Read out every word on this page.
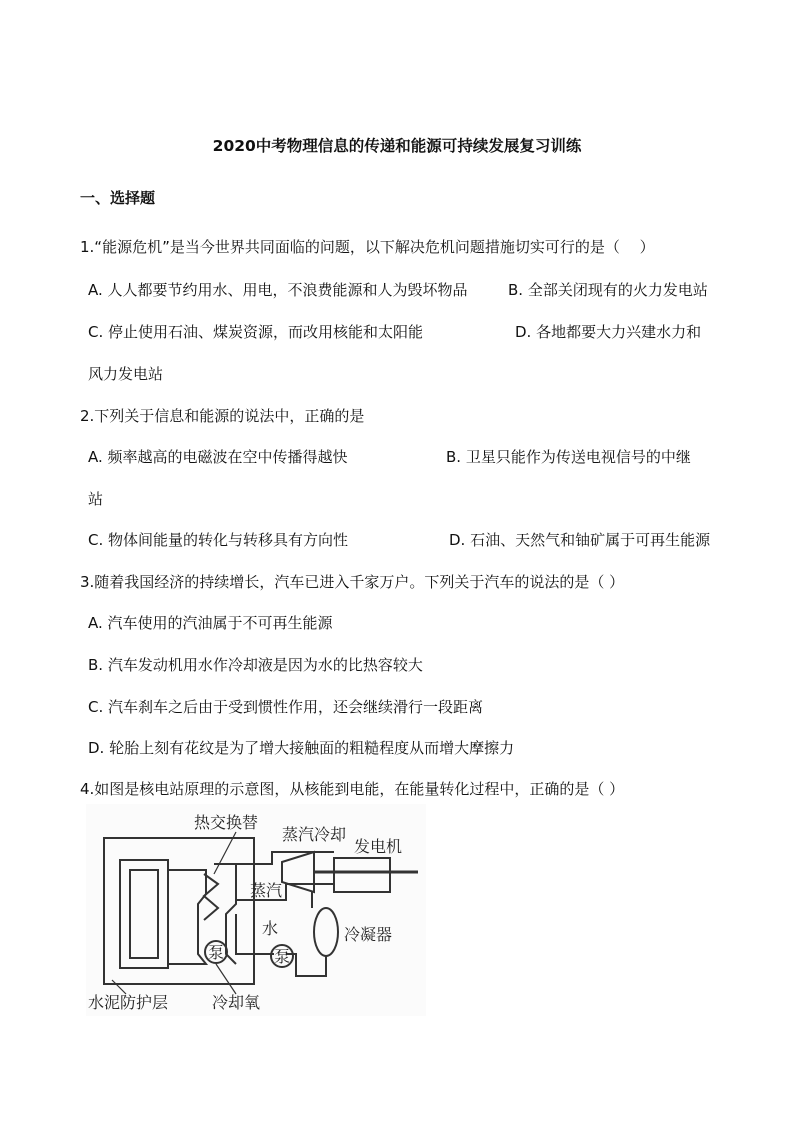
2020中考物理信息的传递和能源可持续发展复习训练
一、选择题
1.“能源危机”是当今世界共同面临的问题，以下解决危机问题措施切实可行的是（　 ）
A. 人人都要节约用水、用电，不浪费能源和人为毁坏物品	B. 全部关闭现有的火力发电站
C. 停止使用石油、煤炭资源，而改用核能和太阳能	D. 各地都要大力兴建水力和
风力发电站
2.下列关于信息和能源的说法中，正确的是
A. 频率越高的电磁波在空中传播得越快	B. 卫星只能作为传送电视信号的中继
站
C. 物体间能量的转化与转移具有方向性	D. 石油、天然气和铀矿属于可再生能源
3.随着我国经济的持续增长，汽车已进入千家万户。下列关于汽车的说法的是（ ）
A. 汽车使用的汽油属于不可再生能源
B. 汽车发动机用水作冷却液是因为水的比热容较大
C. 汽车刹车之后由于受到惯性作用，还会继续滑行一段距离
D. 轮胎上刻有花纹是为了增大接触面的粗糙程度从而增大摩擦力
4.如图是核电站原理的示意图，从核能到电能，在能量转化过程中，正确的是（ ）
热交换替
蒸汽冷却
发电机
蒸汽
水
泵	泵
冷凝器
水泥防护层	冷却氧
